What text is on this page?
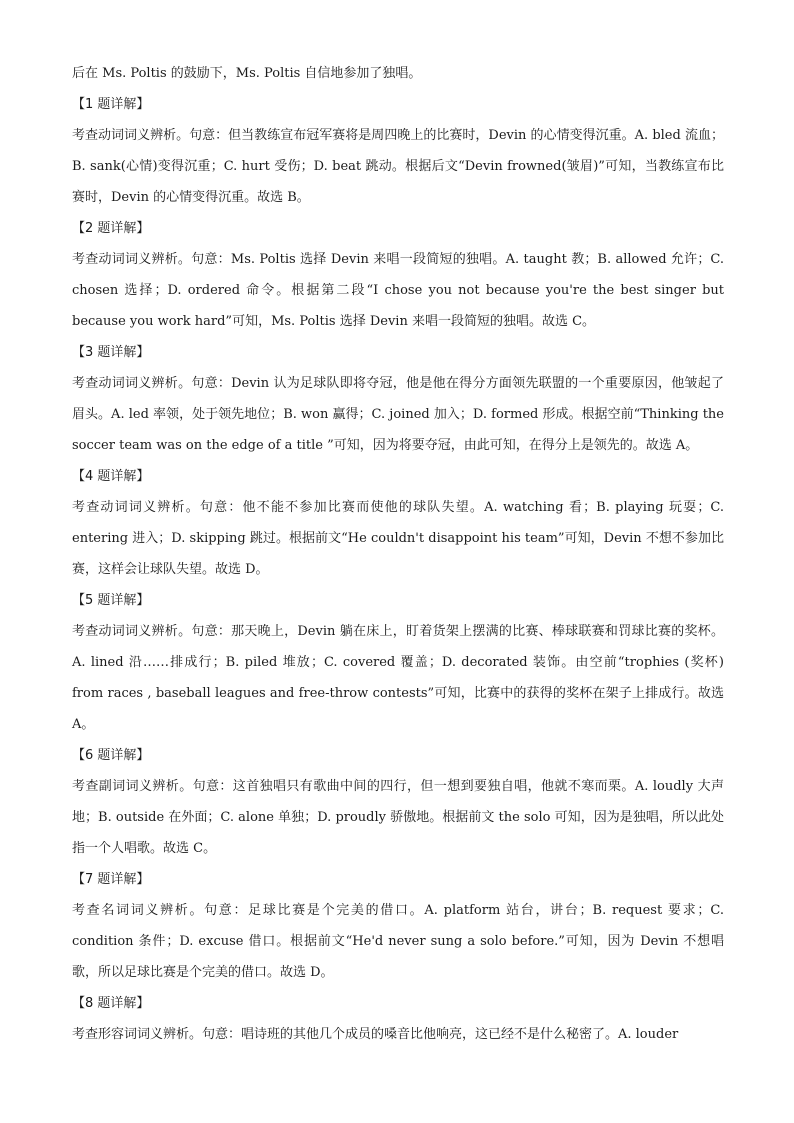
后在 Ms. Poltis 的鼓励下，Ms. Poltis 自信地参加了独唱。

【1 题详解】

考查动词词义辨析。句意：但当教练宣布冠军赛将是周四晚上的比赛时，Devin 的心情变得沉重。A. bled 流血；B. sank(心情)变得沉重；C. hurt 受伤；D. beat 跳动。根据后文“Devin frowned(皱眉)”可知，当教练宣布比赛时，Devin 的心情变得沉重。故选 B。

【2 题详解】

考查动词词义辨析。句意：Ms. Poltis 选择 Devin 来唱一段简短的独唱。A. taught 教；B. allowed 允许；C. chosen 选择；D. ordered 命令。根据第二段“I chose you not because you're the best singer but because you work hard”可知，Ms. Poltis 选择 Devin 来唱一段简短的独唱。故选 C。

【3 题详解】

考查动词词义辨析。句意：Devin 认为足球队即将夺冠，他是他在得分方面领先联盟的一个重要原因，他皱起了眉头。A. led 率领，处于领先地位；B. won 赢得；C. joined 加入；D. formed 形成。根据空前“Thinking the soccer team was on the edge of a title ”可知，因为将要夺冠，由此可知，在得分上是领先的。故选 A。

【4 题详解】

考查动词词义辨析。句意：他不能不参加比赛而使他的球队失望。A. watching 看；B. playing 玩耍；C. entering 进入；D. skipping 跳过。根据前文“He couldn't disappoint his team”可知，Devin 不想不参加比赛，这样会让球队失望。故选 D。

【5 题详解】

考查动词词义辨析。句意：那天晚上，Devin 躺在床上，盯着货架上摆满的比赛、棒球联赛和罚球比赛的奖杯。A. lined 沿……排成行；B. piled 堆放；C. covered 覆盖；D. decorated 装饰。由空前“trophies (奖杯) from races , baseball leagues and free-throw contests”可知，比赛中的获得的奖杯在架子上排成行。故选 A。

【6 题详解】

考查副词词义辨析。句意：这首独唱只有歌曲中间的四行，但一想到要独自唱，他就不寒而栗。A. loudly 大声地；B. outside 在外面；C. alone 单独；D. proudly 骄傲地。根据前文 the solo 可知，因为是独唱，所以此处指一个人唱歌。故选 C。

【7 题详解】

考查名词词义辨析。句意：足球比赛是个完美的借口。A. platform 站台，讲台；B. request 要求；C. condition 条件；D. excuse 借口。根据前文“He'd never sung a solo before.”可知，因为 Devin 不想唱歌，所以足球比赛是个完美的借口。故选 D。

【8 题详解】

考查形容词词义辨析。句意：唱诗班的其他几个成员的嗓音比他响亮，这已经不是什么秘密了。A. louder
